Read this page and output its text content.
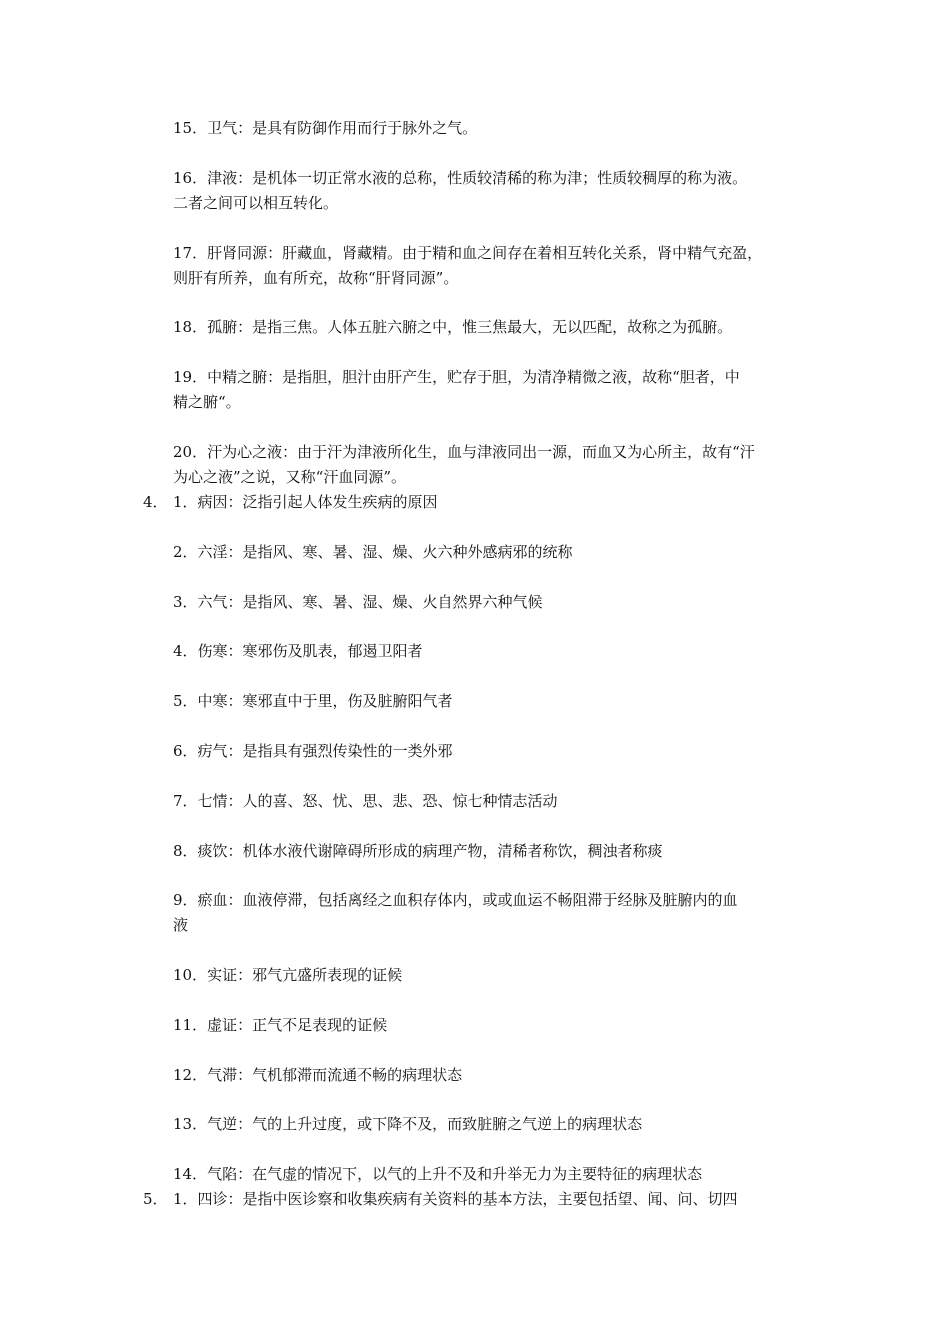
15．卫气：是具有防御作用而行于脉外之气。
16．津液：是机体一切正常水液的总称，性质较清稀的称为津；性质较稠厚的称为液。
二者之间可以相互转化。
17．肝肾同源：肝藏血，肾藏精。由于精和血之间存在着相互转化关系，肾中精气充盈，
则肝有所养，血有所充，故称“肝肾同源”。
18．孤腑：是指三焦。人体五脏六腑之中，惟三焦最大，无以匹配，故称之为孤腑。
19．中精之腑：是指胆，胆汁由肝产生，贮存于胆，为清净精微之液，故称“胆者，中
精之腑“。
20．汗为心之液：由于汗为津液所化生，血与津液同出一源，而血又为心所主，故有“汗
为心之液”之说，又称“汗血同源”。
4． 1．病因：泛指引起人体发生疾病的原因
2．六淫：是指风、寒、暑、湿、燥、火六种外感病邪的统称
3．六气：是指风、寒、暑、湿、燥、火自然界六种气候
4．伤寒：寒邪伤及肌表，郁遏卫阳者
5．中寒：寒邪直中于里，伤及脏腑阳气者
6．疠气：是指具有强烈传染性的一类外邪
7．七情：人的喜、怒、忧、思、悲、恐、惊七种情志活动
8．痰饮：机体水液代谢障碍所形成的病理产物，清稀者称饮，稠浊者称痰
9．瘀血：血液停滞，包括离经之血积存体内，或或血运不畅阻滞于经脉及脏腑内的血
液
10．实证：邪气亢盛所表现的证候
11．虚证：正气不足表现的证候
12．气滞：气机郁滞而流通不畅的病理状态
13．气逆：气的上升过度，或下降不及，而致脏腑之气逆上的病理状态
14．气陷：在气虚的情况下，以气的上升不及和升举无力为主要特征的病理状态
5． 1．四诊：是指中医诊察和收集疾病有关资料的基本方法，主要包括望、闻、问、切四
